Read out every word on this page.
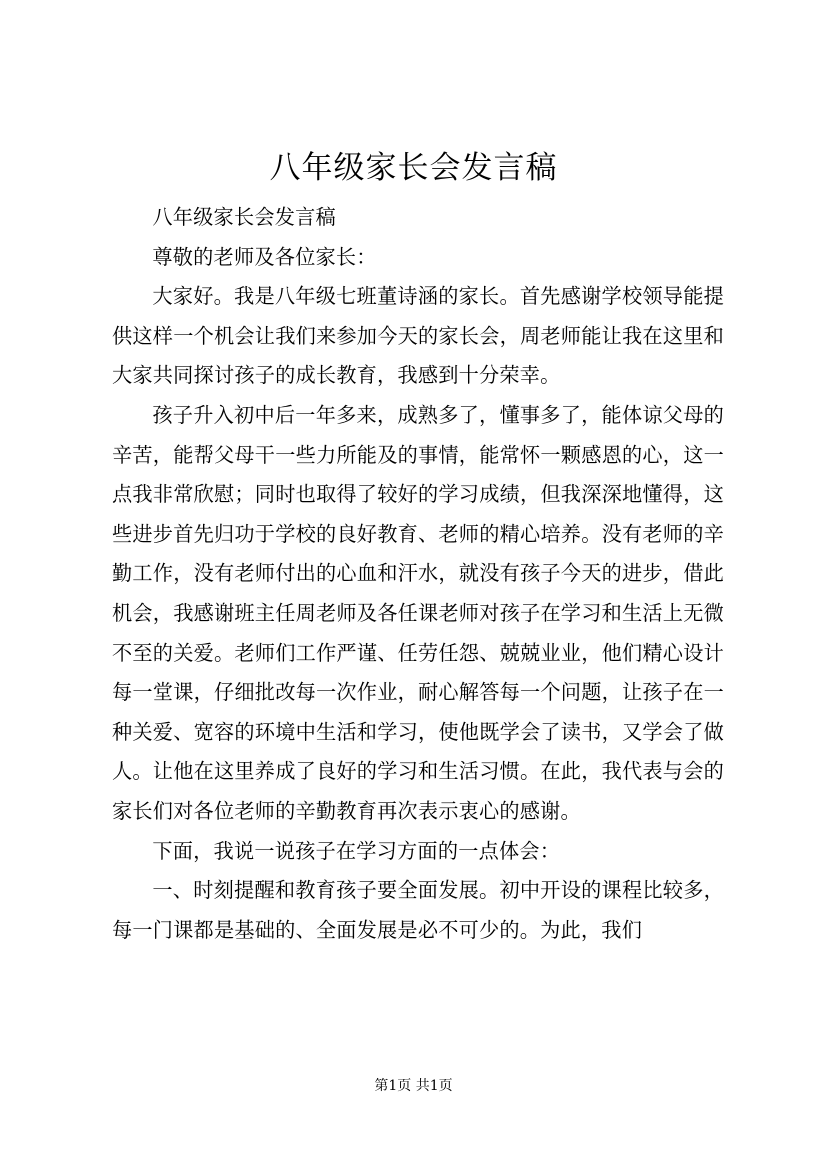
八年级家长会发言稿

八年级家长会发言稿

尊敬的老师及各位家长：

大家好。我是八年级七班董诗涵的家长。首先感谢学校领导能提供这样一个机会让我们来参加今天的家长会，周老师能让我在这里和大家共同探讨孩子的成长教育，我感到十分荣幸。

孩子升入初中后一年多来，成熟多了，懂事多了，能体谅父母的辛苦，能帮父母干一些力所能及的事情，能常怀一颗感恩的心，这一点我非常欣慰；同时也取得了较好的学习成绩，但我深深地懂得，这些进步首先归功于学校的良好教育、老师的精心培养。没有老师的辛勤工作，没有老师付出的心血和汗水，就没有孩子今天的进步，借此机会，我感谢班主任周老师及各任课老师对孩子在学习和生活上无微不至的关爱。老师们工作严谨、任劳任怨、兢兢业业，他们精心设计每一堂课，仔细批改每一次作业，耐心解答每一个问题，让孩子在一种关爱、宽容的环境中生活和学习，使他既学会了读书，又学会了做人。让他在这里养成了良好的学习和生活习惯。在此，我代表与会的家长们对各位老师的辛勤教育再次表示衷心的感谢。

下面，我说一说孩子在学习方面的一点体会：

一、时刻提醒和教育孩子要全面发展。初中开设的课程比较多，每一门课都是基础的、全面发展是必不可少的。为此，我们

第1页 共1页
